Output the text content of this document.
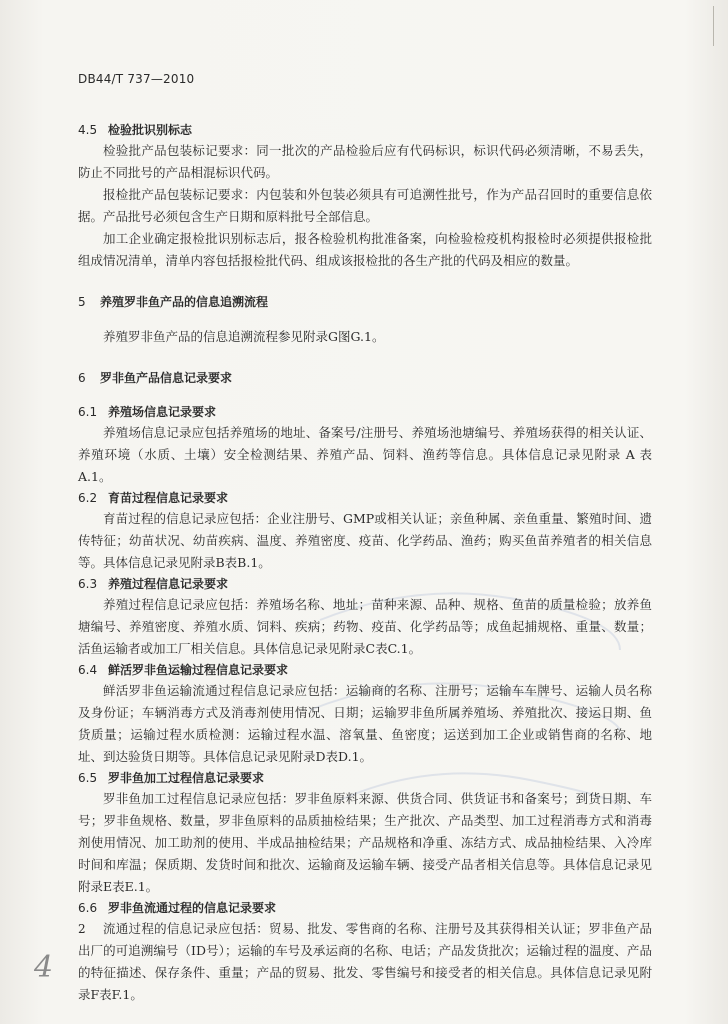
DB44/T 737—2010
4.5 检验批识别标志

检验批产品包装标记要求：同一批次的产品检验后应有代码标识，标识代码必须清晰，不易丢失，防止不同批号的产品相混标识代码。

报检批产品包装标记要求：内包装和外包装必须具有可追溯性批号，作为产品召回时的重要信息依据。产品批号必须包含生产日期和原料批号全部信息。

加工企业确定报检批识别标志后，报各检验机构批准备案，向检验检疫机构报检时必须提供报检批组成情况清单，清单内容包括报检批代码、组成该报检批的各生产批的代码及相应的数量。

5 养殖罗非鱼产品的信息追溯流程

养殖罗非鱼产品的信息追溯流程参见附录G图G.1。

6 罗非鱼产品信息记录要求
6.1 养殖场信息记录要求

养殖场信息记录应包括养殖场的地址、备案号/注册号、养殖场池塘编号、养殖场获得的相关认证、养殖环境（水质、土壤）安全检测结果、养殖产品、饲料、渔药等信息。具体信息记录见附录 A 表 A.1。

6.2 育苗过程信息记录要求

育苗过程的信息记录应包括：企业注册号、GMP或相关认证；亲鱼种属、亲鱼重量、繁殖时间、遗传特征；幼苗状况、幼苗疾病、温度、养殖密度、疫苗、化学药品、渔药；购买鱼苗养殖者的相关信息等。具体信息记录见附录B表B.1。

6.3 养殖过程信息记录要求

养殖过程信息记录应包括：养殖场名称、地址；苗种来源、品种、规格、鱼苗的质量检验；放养鱼塘编号、养殖密度、养殖水质、饲料、疾病；药物、疫苗、化学药品等；成鱼起捕规格、重量、数量；活鱼运输者或加工厂相关信息。具体信息记录见附录C表C.1。

6.4 鲜活罗非鱼运输过程信息记录要求

鲜活罗非鱼运输流通过程信息记录应包括：运输商的名称、注册号；运输车车牌号、运输人员名称及身份证；车辆消毒方式及消毒剂使用情况、日期；运输罗非鱼所属养殖场、养殖批次、接运日期、鱼货质量；运输过程水质检测：运输过程水温、溶氧量、鱼密度；运送到加工企业或销售商的名称、地址、到达验货日期等。具体信息记录见附录D表D.1。

6.5 罗非鱼加工过程信息记录要求

罗非鱼加工过程信息记录应包括：罗非鱼原料来源、供货合同、供货证书和备案号；到货日期、车号；罗非鱼规格、数量，罗非鱼原料的品质抽检结果；生产批次、产品类型、加工过程消毒方式和消毒剂使用情况、加工助剂的使用、半成品抽检结果；产品规格和净重、冻结方式、成品抽检结果、入冷库时间和库温；保质期、发货时间和批次、运输商及运输车辆、接受产品者相关信息等。具体信息记录见附录E表E.1。

6.6 罗非鱼流通过程的信息记录要求

流通过程的信息记录应包括：贸易、批发、零售商的名称、注册号及其获得相关认证；罗非鱼产品出厂的可追溯编号（ID号）；运输的车号及承运商的名称、电话；产品发货批次；运输过程的温度、产品的特征描述、保存条件、重量；产品的贸易、批发、零售编号和接受者的相关信息。具体信息记录见附录F表F.1。

2
4
